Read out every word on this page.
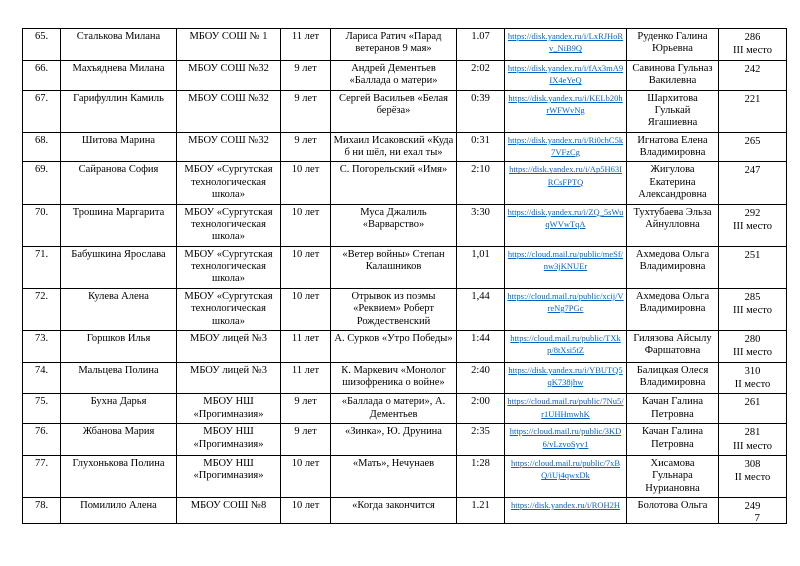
65.	Сталькова Милана	МБОУ СОШ № 1	11 лет	Лариса Ратич «Парад ветеранов 9 мая»	1.07	https://disk.yandex.ru/i/LxRJHoRv_NiB9Q	Руденко Галина Юрьевна	286
III место

66.	Махъяднева Милана	МБОУ СОШ №32	9 лет	Андрей Дементьев «Баллада о матери»	2:02	https://disk.yandex.ru/i/fAx3mA9IX4eYeQ	Савинова Гульназ Вакилевна	242

67.	Гарифуллин Камиль	МБОУ СОШ №32	9 лет	Сергей Васильев «Белая берёза»	0:39	https://disk.yandex.ru/i/KELb20hrWFWvNg	Шархитова Гулькай Ягашиевна	221

68.	Шитова Марина	МБОУ СОШ №32	9 лет	Михаил Исаковский «Куда б ни шёл, ни ехал ты»	0:31	https://disk.yandex.ru/i/Ri0chC5k7VFzCg	Игнатова Елена Владимировна	265

69.	Сайранова София	МБОУ «Сургутская технологическая школа»	10 лет	С. Погорельский «Имя»	2:10	https://disk.yandex.ru/i/Ap5H63IRCsFPTQ	Жигулова Екатерина Александровна	247

70.	Трошина Маргарита	МБОУ «Сургутская технологическая школа»	10 лет	Муса Джалиль «Варварство»	3:30	https://disk.yandex.ru/i/ZQ_5sWuqWVwTqA	Тухтубаева Эльза Айнулловна	292
III место

71.	Бабушкина Ярослава	МБОУ «Сургутская технологическая школа»	10 лет	«Ветер войны» Степан Калашников	1,01	https://cloud.mail.ru/public/meSf/nw3jKNUEr	Ахмедова Ольга Владимировна	251

72.	Кулева Алена	МБОУ «Сургутская технологическая школа»	10 лет	Отрывок из поэмы «Реквием» Роберт Рождественский	1,44	https://cloud.mail.ru/public/xcij/VreNg7PGc	Ахмедова Ольга Владимировна	285
III место

73.	Горшков Илья	МБОУ лицей №3	11 лет	А. Сурков «Утро Победы»	1:44	https://cloud.mail.ru/public/TXkp/8tXsi5tZ	Гилязова Айсылу Фаршатовна	280
III место

74.	Мальцева Полина	МБОУ лицей №3	11 лет	К. Маркевич «Монолог шизофреника о войне»	2:40	https://disk.yandex.ru/i/YBUTQ5qK738jhw	Балицкая Олеся Владимировна	310
II место

75.	Бухна Дарья	МБОУ НШ «Прогимназия»	9 лет	«Баллада о матери», А. Дементьев	2:00	https://cloud.mail.ru/public/7Nu5/r1UHHmwhK	Качан Галина Петровна	261

76.	Жбанова Мария	МБОУ НШ «Прогимназия»	9 лет	«Зинка», Ю. Друнина	2:35	https://cloud.mail.ru/public/3KD6/vLzvoSyv1	Качан Галина Петровна	281
III место

77.	Глухонькова Полина	МБОУ НШ «Прогимназия»	10 лет	«Мать», Нечунаев	1:28	https://cloud.mail.ru/public/7xBQ/iUj4qwxDk	Хисамова Гульнара Нуриановна	308
II место

78.	Помилило Алена	МБОУ СОШ №8	10 лет	«Когда закончится	1.21	https://disk.yandex.ru/i/ROH2H	Болотова Ольга	249
7
